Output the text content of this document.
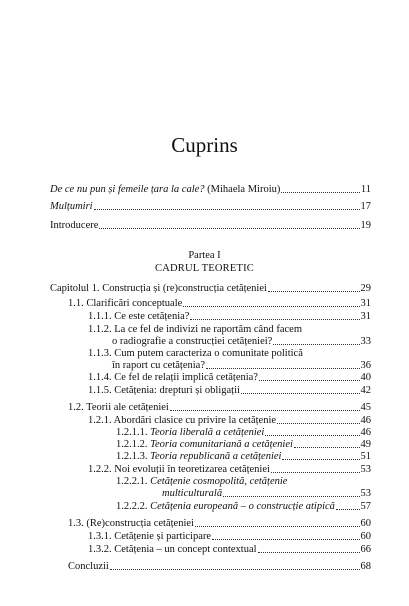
Cuprins
De ce nu pun și femeile țara la cale? (Mihaela Miroiu)	11
Mulțumiri	17
Introducere	19
Partea I
CADRUL TEORETIC
Capitolul 1. Construcția și (re)construcția cetățeniei	29
1.1. Clarificări conceptuale	31
1.1.1. Ce este cetățenia?	31
1.1.2. La ce fel de indivizi ne raportăm când facem
o radiografie a construcției cetățeniei?	33
1.1.3. Cum putem caracteriza o comunitate politică
în raport cu cetățenia?	36
1.1.4. Ce fel de relații implică cetățenia?	40
1.1.5. Cetățenia: drepturi și obligații	42
1.2. Teorii ale cetățeniei	45
1.2.1. Abordări clasice cu privire la cetățenie	46
1.2.1.1. Teoria liberală a cetățeniei	46
1.2.1.2. Teoria comunitariană a cetățeniei	49
1.2.1.3. Teoria republicană a cetățeniei	51
1.2.2. Noi evoluții în teoretizarea cetățeniei	53
1.2.2.1. Cetățenie cosmopolită, cetățenie
multiculturală	53
1.2.2.2. Cetățenia europeană – o construcție atipică 57
1.3. (Re)construcția cetățeniei	60
1.3.1. Cetățenie și participare	60
1.3.2. Cetățenia – un concept contextual	66
Concluzii	68
